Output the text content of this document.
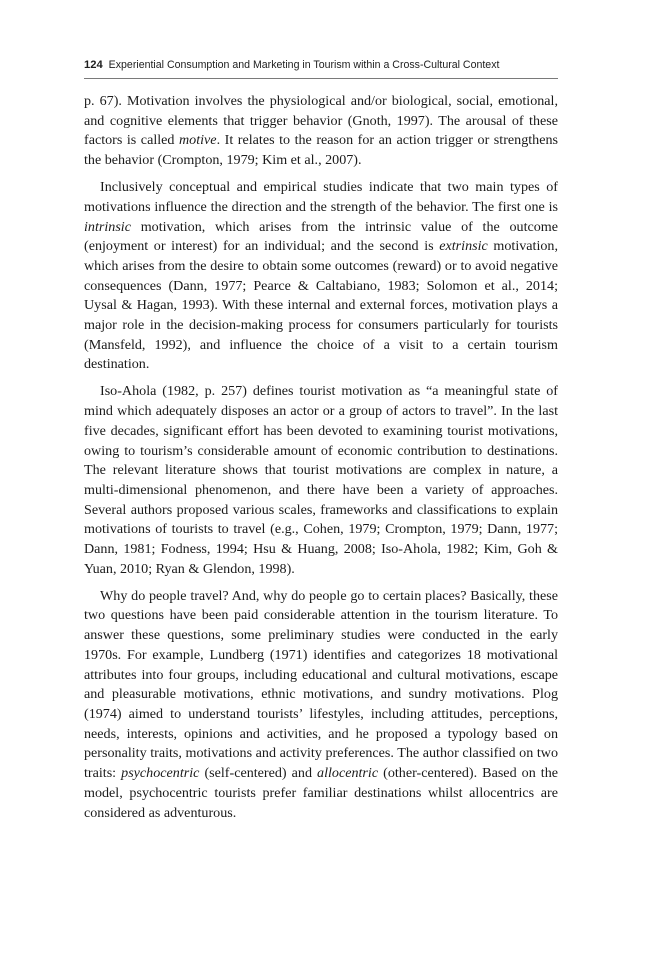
124 Experiential Consumption and Marketing in Tourism within a Cross-Cultural Context

p. 67). Motivation involves the physiological and/or biological, social, emotional, and cognitive elements that trigger behavior (Gnoth, 1997). The arousal of these factors is called motive. It relates to the reason for an action trigger or strengthens the behavior (Crompton, 1979; Kim et al., 2007).

Inclusively conceptual and empirical studies indicate that two main types of motivations influence the direction and the strength of the behavior. The first one is intrinsic motivation, which arises from the intrinsic value of the outcome (enjoyment or interest) for an individual; and the second is extrinsic motivation, which arises from the desire to obtain some outcomes (reward) or to avoid negative consequences (Dann, 1977; Pearce & Caltabiano, 1983; Solomon et al., 2014; Uysal & Hagan, 1993). With these internal and external forces, motivation plays a major role in the decision-making process for consumers particularly for tourists (Mansfeld, 1992), and influence the choice of a visit to a certain tourism destination.

Iso-Ahola (1982, p. 257) defines tourist motivation as “a meaningful state of mind which adequately disposes an actor or a group of actors to travel”. In the last five decades, significant effort has been devoted to examining tourist motivations, owing to tourism’s considerable amount of economic contribution to destinations. The relevant literature shows that tourist motivations are complex in nature, a multi-dimensional phenomenon, and there have been a variety of approaches. Several authors proposed various scales, frameworks and classifications to explain motivations of tourists to travel (e.g., Cohen, 1979; Crompton, 1979; Dann, 1977; Dann, 1981; Fodness, 1994; Hsu & Huang, 2008; Iso-Ahola, 1982; Kim, Goh & Yuan, 2010; Ryan & Glendon, 1998).

Why do people travel? And, why do people go to certain places? Basically, these two questions have been paid considerable attention in the tourism literature. To answer these questions, some preliminary studies were conducted in the early 1970s. For example, Lundberg (1971) identifies and categorizes 18 motivational attributes into four groups, including educational and cultural motivations, escape and pleasurable motivations, ethnic motivations, and sundry motivations. Plog (1974) aimed to understand tourists’ lifestyles, including attitudes, perceptions, needs, interests, opinions and activities, and he proposed a typology based on personality traits, motivations and activity preferences. The author classified on two traits: psychocentric (self-centered) and allocentric (other-centered). Based on the model, psychocentric tourists prefer familiar destinations whilst allocentrics are considered as adventurous.
